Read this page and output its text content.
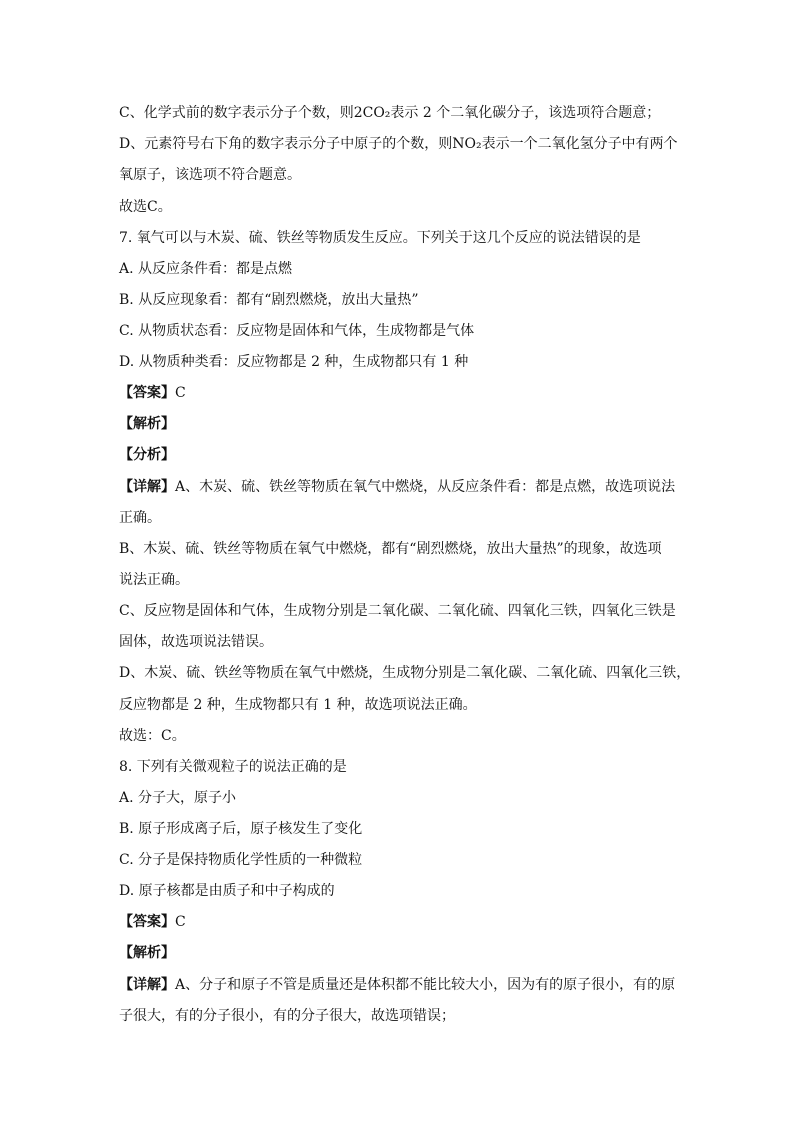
C、化学式前的数字表示分子个数，则2CO₂表示 2 个二氧化碳分子，该选项符合题意；
D、元素符号右下角的数字表示分子中原子的个数，则NO₂表示一个二氧化氢分子中有两个
氧原子，该选项不符合题意。
故选C。
7. 氧气可以与木炭、硫、铁丝等物质发生反应。下列关于这几个反应的说法错误的是
A. 从反应条件看：都是点燃
B. 从反应现象看：都有“剧烈燃烧，放出大量热”
C. 从物质状态看：反应物是固体和气体，生成物都是气体
D. 从物质种类看：反应物都是 2 种，生成物都只有 1 种
【答案】C
【解析】
【分析】
【详解】A、木炭、硫、铁丝等物质在氧气中燃烧，从反应条件看：都是点燃，故选项说法
正确。
B、木炭、硫、铁丝等物质在氧气中燃烧，都有“剧烈燃烧，放出大量热”的现象，故选项
说法正确。
C、反应物是固体和气体，生成物分别是二氧化碳、二氧化硫、四氧化三铁，四氧化三铁是
固体，故选项说法错误。
D、木炭、硫、铁丝等物质在氧气中燃烧，生成物分别是二氧化碳、二氧化硫、四氧化三铁，
反应物都是 2 种，生成物都只有 1 种，故选项说法正确。
故选：C。
8. 下列有关微观粒子的说法正确的是
A. 分子大，原子小
B. 原子形成离子后，原子核发生了变化
C. 分子是保持物质化学性质的一种微粒
D. 原子核都是由质子和中子构成的
【答案】C
【解析】
【详解】A、分子和原子不管是质量还是体积都不能比较大小，因为有的原子很小，有的原
子很大，有的分子很小，有的分子很大，故选项错误；
